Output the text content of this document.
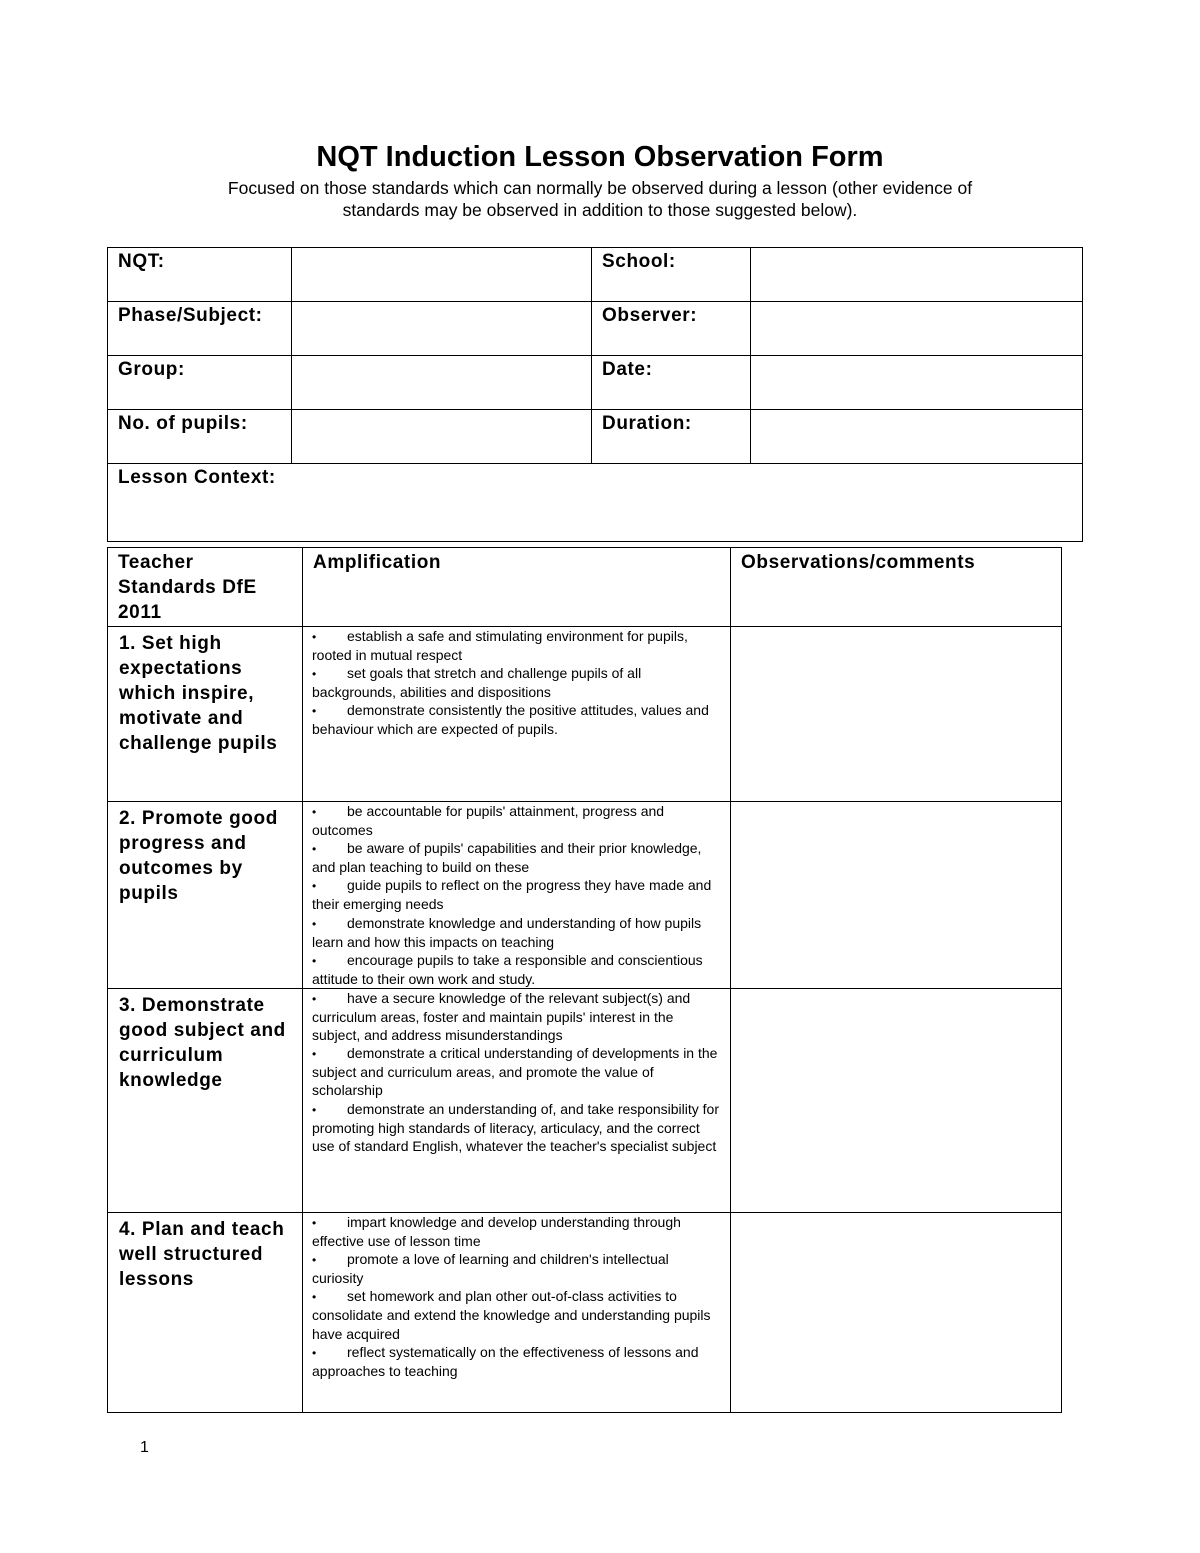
NQT Induction Lesson Observation Form
Focused on those standards which can normally be observed during a lesson (other evidence of
standards may be observed in addition to those suggested below).
NQT:		School:	
Phase/Subject:		Observer:	
Group:		Date:	
No. of pupils:		Duration:	
Lesson Context:			
Teacher Standards DfE 2011	Amplification	Observations/comments
1. Set high expectations which inspire, motivate and challenge pupils	• establish a safe and stimulating environment for pupils, rooted in mutual respect

• set goals that stretch and challenge pupils of all backgrounds, abilities and dispositions

• demonstrate consistently the positive attitudes, values and behaviour which are expected of pupils.	

2. Promote good progress and outcomes by pupils	• be accountable for pupils' attainment, progress and outcomes

• be aware of pupils' capabilities and their prior knowledge, and plan teaching to build on these

• guide pupils to reflect on the progress they have made and their emerging needs

• demonstrate knowledge and understanding of how pupils learn and how this impacts on teaching

• encourage pupils to take a responsible and conscientious attitude to their own work and study.	

3. Demonstrate good subject and curriculum knowledge	• have a secure knowledge of the relevant subject(s) and curriculum areas, foster and maintain pupils' interest in the subject, and address misunderstandings

• demonstrate a critical understanding of developments in the subject and curriculum areas, and promote the value of scholarship

• demonstrate an understanding of, and take responsibility for promoting high standards of literacy, articulacy, and the correct use of standard English, whatever the teacher's specialist subject	

4. Plan and teach well structured lessons	• impart knowledge and develop understanding through effective use of lesson time

• promote a love of learning and children's intellectual curiosity

• set homework and plan other out-of-class activities to consolidate and extend the knowledge and understanding pupils have acquired

• reflect systematically on the effectiveness of lessons and approaches to teaching	

1
